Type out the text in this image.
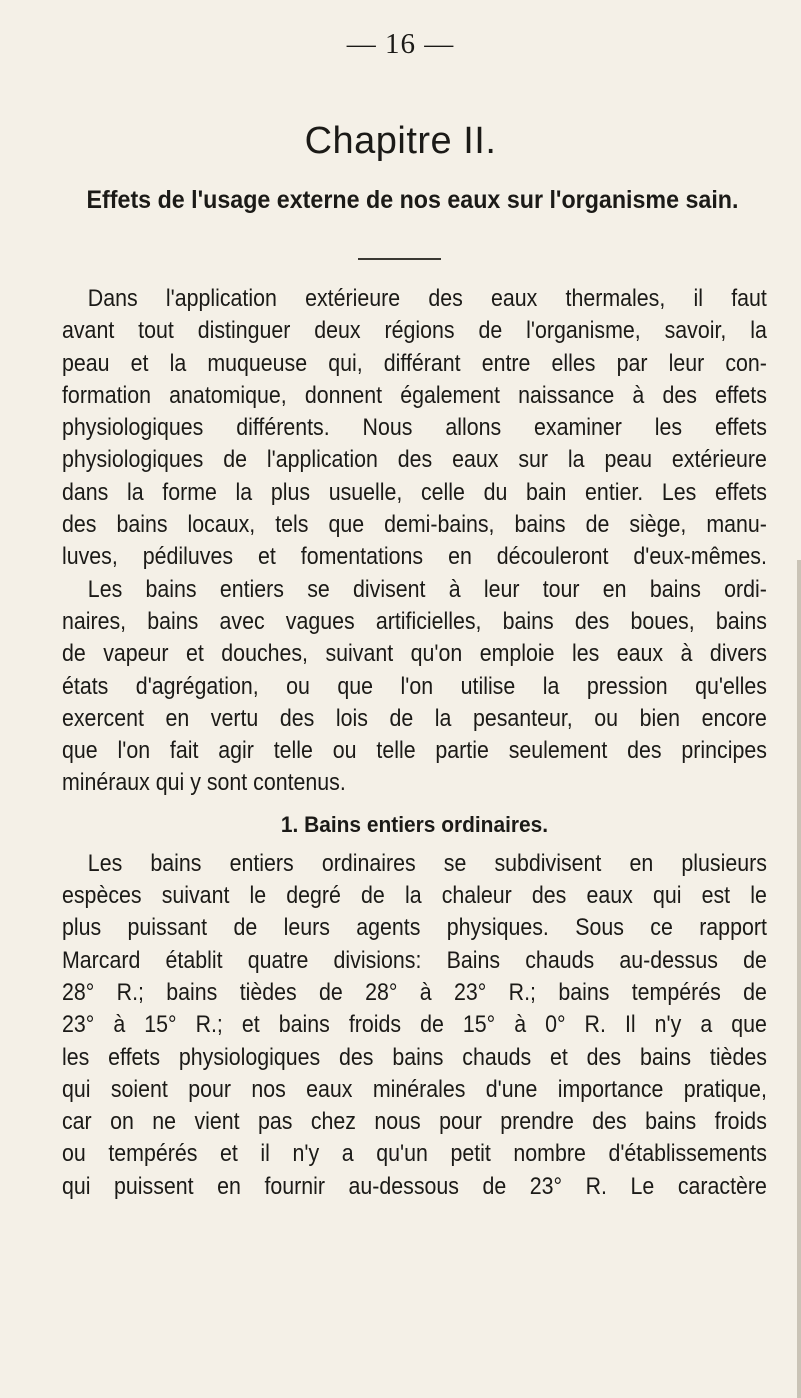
— 16 —
Chapitre II.
Effets de l'usage externe de nos eaux sur l'organisme sain.
Dans l'application extérieure des eaux thermales, il faut
avant tout distinguer deux régions de l'organisme, savoir, la
peau et la muqueuse qui, différant entre elles par leur con-
formation anatomique, donnent également naissance à des effets
physiologiques différents. Nous allons examiner les effets
physiologiques de l'application des eaux sur la peau extérieure
dans la forme la plus usuelle, celle du bain entier. Les effets
des bains locaux, tels que demi-bains, bains de siège, manu-
luves, pédiluves et fomentations en découleront d'eux-mêmes.
Les bains entiers se divisent à leur tour en bains ordi-
naires, bains avec vagues artificielles, bains des boues, bains
de vapeur et douches, suivant qu'on emploie les eaux à divers
états d'agrégation, ou que l'on utilise la pression qu'elles
exercent en vertu des lois de la pesanteur, ou bien encore
que l'on fait agir telle ou telle partie seulement des principes
minéraux qui y sont contenus.
1. Bains entiers ordinaires.
Les bains entiers ordinaires se subdivisent en plusieurs
espèces suivant le degré de la chaleur des eaux qui est le
plus puissant de leurs agents physiques. Sous ce rapport
Marcard établit quatre divisions: Bains chauds au-dessus de
28° R.; bains tièdes de 28° à 23° R.; bains tempérés de
23° à 15° R.; et bains froids de 15° à 0° R. Il n'y a que
les effets physiologiques des bains chauds et des bains tièdes
qui soient pour nos eaux minérales d'une importance pratique,
car on ne vient pas chez nous pour prendre des bains froids
ou tempérés et il n'y a qu'un petit nombre d'établissements
qui puissent en fournir au-dessous de 23° R. Le caractère
